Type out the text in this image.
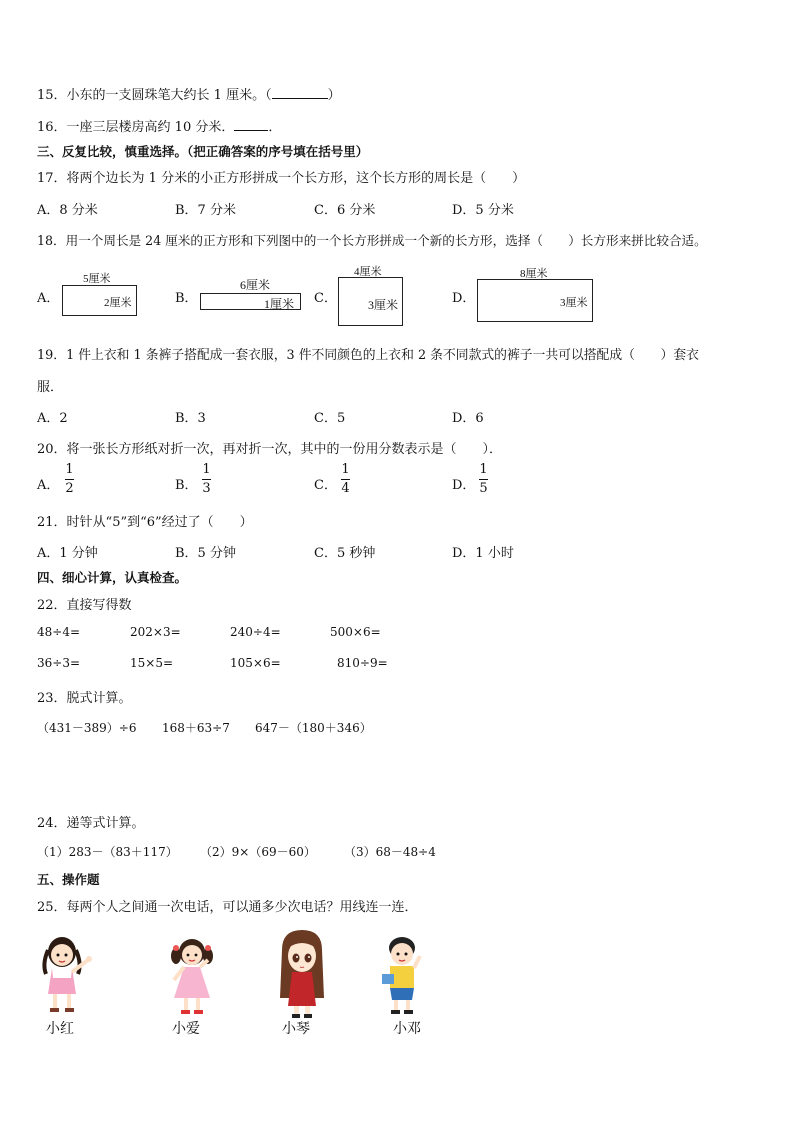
15．小东的一支圆珠笔大约长 1 厘米。（	）
16．一座三层楼房高约 10 分米．	．
三、反复比较，慎重选择。（把正确答案的序号填在括号里）
17．将两个边长为 1 分米的小正方形拼成一个长方形，这个长方形的周长是（　　）
A．8 分米	B．7 分米	C．6 分米	D．5 分米
18．用一个周长是 24 厘米的正方形和下列图中的一个长方形拼成一个新的长方形，选择（　　）长方形来拼比较合适。
A．
5厘米
2厘米	B．
6厘米
1厘米 C．
4厘米
3厘米	D．
8厘米
3厘米
19．1 件上衣和 1 条裤子搭配成一套衣服，3 件不同颜色的上衣和 2 条不同款式的裤子一共可以搭配成（　　）套衣
服．
A．2	B．3	C．5	D．6
20．将一张长方形纸对折一次，再对折一次，其中的一份用分数表示是（　　）．
A．
1
2	B．
1
3	C．
1
4	D．
1
5
21．时针从“5”到“6”经过了（　　）
A．1 分钟	B．5 分钟	C．5 秒钟	D．1 小时
四、细心计算，认真检查。
22．直接写得数
48÷4=	202×3=	240÷4=	500×6=
36÷3=	15×5=	105×6=	810÷9=
23．脱式计算。
（431－389）÷6 168＋63÷7 647－（180＋346）
24．递等式计算。
（1）283－（83＋117） （2）9×（69－60） （3）68－48÷4
五、操作题
25．每两个人之间通一次电话，可以通多少次电话？用线连一连．
小红	小爱	小琴	小邓
